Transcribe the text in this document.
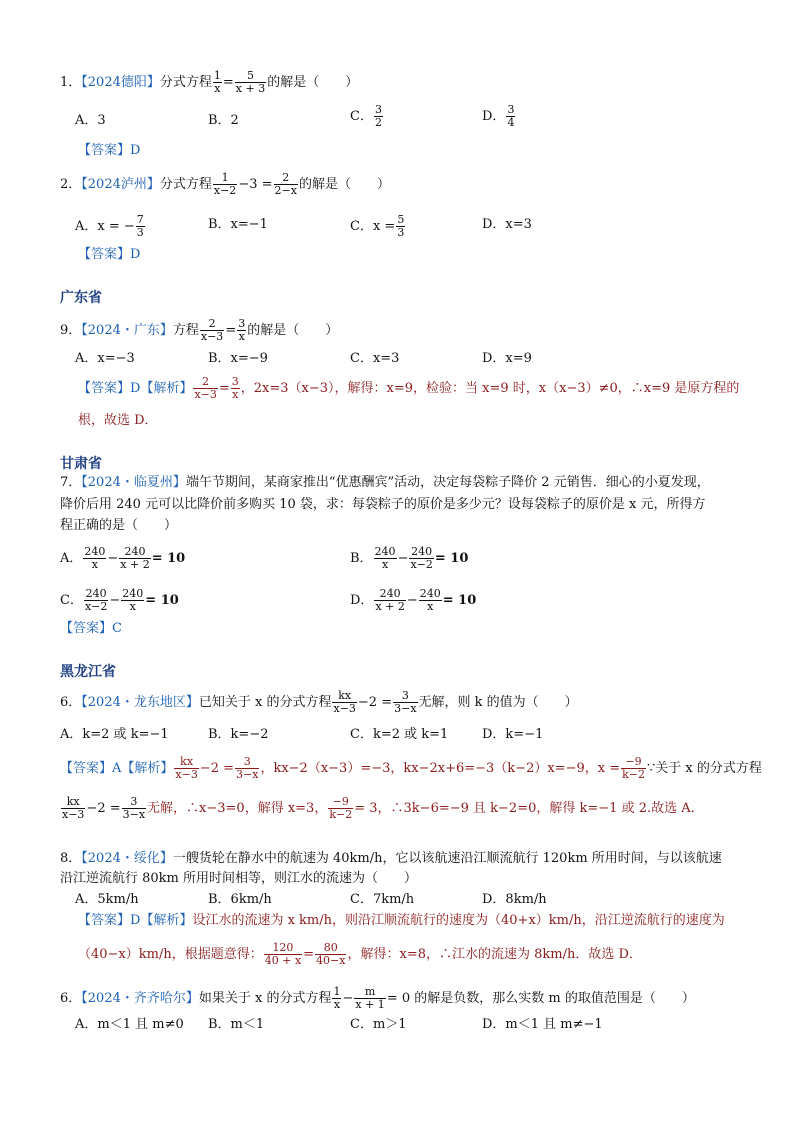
1．【2024德阳】分式方程 $\frac{1}{x} = \frac{5}{x + 3}$ 的解是（　　）
A．3	B．2	C． $\frac{3}{2}$	D． $\frac{3}{4}$
【答案】D
2．【2024泸州】分式方程 $\frac{1}{x-2} -3 = \frac{2}{2-x}$ 的解是（　　）
A．x = − $\frac{7}{3}$	B．x=−1	C．$x = \frac{5}{3}$	D．x=3
【答案】D
广东省
9．【2024・广东】方程 $\frac{2}{x-3} = \frac{3}{x}$ 的解是（　　）
A．x=−3	B．x=−9	C．x=3	D．x=9
【答案】D【解析】 $\frac{2}{x-3} = \frac{3}{x}$ ，2x=3（x−3），解得：x=9，检验：当 x=9 时，x（x−3）≠0，∴x=9 是原方程的
根，故选 D．
甘肃省
7．【2024・临夏州】端午节期间，某商家推出“优惠酬宾”活动，决定每袋粽子降价 2 元销售．细心的小夏发现，
降价后用 240 元可以比降价前多购买 10 袋，求：每袋粽子的原价是多少元？设每袋粽子的原价是 x 元，所得方
程正确的是（　　）
A． $\frac{240}{x} - \frac{240}{x + 2} = 10$	B． $\frac{240}{x} - \frac{240}{x-2} = 10$
C． $\frac{240}{x-2} - \frac{240}{x} = 10$	D． $\frac{240}{x + 2} - \frac{240}{x} = 10$
【答案】C
黑龙江省
6．【2024・龙东地区】已知关于 x 的分式方程 $\frac{kx}{x-3} -2 = \frac{3}{3-x}$ 无解，则 k 的值为（　　）
A．k=2 或 k=−1	B．k=−2	C．k=2 或 k=1	D．k=−1
【答案】A【解析】 $\frac{kx}{x-3} -2 = \frac{3}{3-x}$ ，kx−2（x−3）=−3，kx−2x+6=−3（k−2）x=−9，$x = \frac{-9}{k-2}$ ∵关于 x 的分式方程
$\frac{kx}{x-3} -2 = \frac{3}{3-x}$ 无解，∴x−3=0，解得 x=3， $\frac{-9}{k-2} = 3$，∴3k−6=−9 且 k−2=0，解得 k=−1 或 2.故选 A．
8．【2024・绥化】一艘货轮在静水中的航速为 40km/h，它以该航速沿江顺流航行 120km 所用时间，与以该航速
沿江逆流航行 80km 所用时间相等，则江水的流速为（　　）
A．5km/h	B．6km/h	C．7km/h	D．8km/h
【答案】D【解析】设江水的流速为 x km/h，则沿江顺流航行的速度为（40+x）km/h，沿江逆流航行的速度为
（40−x）km/h，根据题意得： $\frac{120}{40 + x} = \frac{80}{40-x}$ ，解得：x=8，∴江水的流速为 8km/h．故选 D．
6．【2024・齐齐哈尔】如果关于 x 的分式方程 $\frac{1}{x} - \frac{m}{x + 1} = 0$ 的解是负数，那么实数 m 的取值范围是（　　）
A．m＜1 且 m≠0 B．m＜1	C．m＞1	D．m＜1 且 m≠−1
